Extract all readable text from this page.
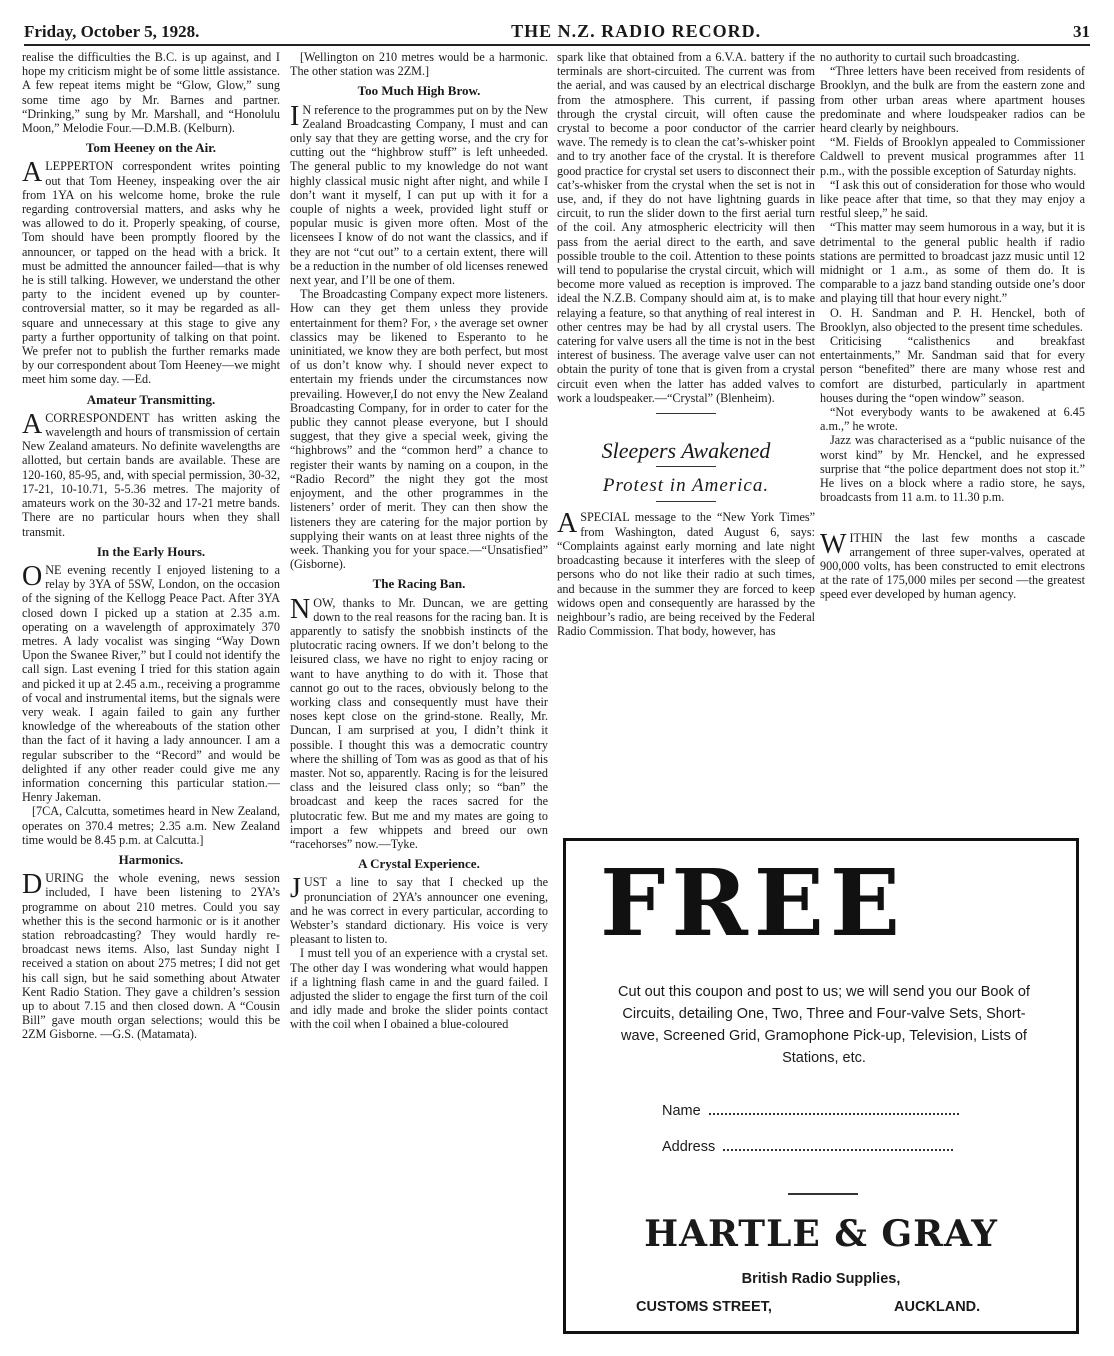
Friday, October 5, 1928.	THE N.Z. RADIO RECORD.	31

realise the difficulties the B.C. is up against, and I hope my criticism might be of some little assistance. A few repeat items might be “Glow, Glow,” sung some time ago by Mr. Barnes and partner. “Drinking,” sung by Mr. Marshall, and “Honolulu Moon,” Melodie Four.—D.M.B. (Kelburn).

Tom Heeney on the Air.

ALEPPERTON correspondent writes pointing out that Tom Heeney, inspeaking over the air from 1YA on his welcome home, broke the rule regarding controversial matters, and asks why he was allowed to do it. Properly speaking, of course, Tom should have been promptly floored by the announcer, or tapped on the head with a brick. It must be admitted the announcer failed—that is why he is still talking. However, we understand the other party to the incident evened up by counter-controversial matter, so it may be regarded as all-square and unnecessary at this stage to give any party a further opportunity of talking on that point. We prefer not to publish the further remarks made by our correspondent about Tom Heeney—we might meet him some day. —Ed.

Amateur Transmitting.

ACORRESPONDENT has written asking the wavelength and hours of transmission of certain New Zealand amateurs. No definite wavelengths are allotted, but certain bands are available. These are 120-160, 85-95, and, with special permission, 30-32, 17-21, 10-10.71, 5-5.36 metres. The majority of amateurs work on the 30-32 and 17-21 metre bands. There are no particular hours when they shall transmit.

In the Early Hours.

ONE evening recently I enjoyed listening to a relay by 3YA of 5SW, London, on the occasion of the signing of the Kellogg Peace Pact. After 3YA closed down I picked up a station at 2.35 a.m. operating on a wavelength of approximately 370 metres. A lady vocalist was singing “Way Down Upon the Swanee River,” but I could not identify the call sign. Last evening I tried for this station again and picked it up at 2.45 a.m., receiving a programme of vocal and instrumental items, but the signals were very weak. I again failed to gain any further knowledge of the whereabouts of the station other than the fact of it having a lady announcer. I am a regular subscriber to the “Record” and would be delighted if any other reader could give me any information concerning this particular station.—Henry Jakeman.

[7CA, Calcutta, sometimes heard in New Zealand, operates on 370.4 metres; 2.35 a.m. New Zealand time would be 8.45 p.m. at Calcutta.]

Harmonics.

DURING the whole evening, news session included, I have been listening to 2YA’s programme on about 210 metres. Could you say whether this is the second harmonic or is it another station rebroadcasting? They would hardly re-broadcast news items. Also, last Sunday night I received a station on about 275 metres; I did not get his call sign, but he said something about Atwater Kent Radio Station. They gave a children’s session up to about 7.15 and then closed down. A “Cousin Bill” gave mouth organ selections; would this be 2ZM Gisborne. —G.S. (Matamata).

[Wellington on 210 metres would be a harmonic. The other station was 2ZM.]

Too Much High Brow.

I N reference to the programmes put on by the New Zealand Broadcasting Company, I must and can only say that they are getting worse, and the cry for cutting out the “highbrow stuff” is left unheeded. The general public to my knowledge do not want highly classical music night after night, and while I don’t want it myself, I can put up with it for a couple of nights a week, provided light stuff or popular music is given more often. Most of the licensees I know of do not want the classics, and if they are not “cut out” to a certain extent, there will be a reduction in the number of old licenses renewed next year, and I’ll be one of them.

The Broadcasting Company expect more listeners. How can they get them unless they provide entertainment for them? For, › the average set owner classics may be likened to Esperanto to he uninitiated, we know they are both perfect, but most of us don’t know why. I should never expect to entertain my friends under the circumstances now prevailing. However,I do not envy the New Zealand Broadcasting Company, for in order to cater for the public they cannot please everyone, but I should suggest, that they give a special week, giving the “highbrows” and the “common herd” a chance to register their wants by naming on a coupon, in the “Radio Record” the night they got the most enjoyment, and the other programmes in the listeners’ order of merit. They can then show the listeners they are catering for the major portion by supplying their wants on at least three nights of the week. Thanking you for your space.—“Unsatisfied” (Gisborne).

The Racing Ban.

NOW, thanks to Mr. Duncan, we are getting down to the real reasons for the racing ban. It is apparently to satisfy the snobbish instincts of the plutocratic racing owners. If we don’t belong to the leisured class, we have no right to enjoy racing or want to have anything to do with it. Those that cannot go out to the races, obviously belong to the working class and consequently must have their noses kept close on the grind-stone. Really, Mr. Duncan, I am surprised at you, I didn’t think it possible. I thought this was a democratic country where the shilling of Tom was as good as that of his master. Not so, apparently. Racing is for the leisured class and the leisured class only; so “ban” the broadcast and keep the races sacred for the plutocratic few. But me and my mates are going to import a few whippets and breed our own “racehorses” now.—Tyke.

A Crystal Experience.

JUST a line to say that I checked up the pronunciation of 2YA’s announcer one evening, and he was correct in every particular, according to Webster’s standard dictionary. His voice is very pleasant to listen to.

I must tell you of an experience with a crystal set. The other day I was wondering what would happen if a lightning flash came in and the guard failed. I adjusted the slider to engage the first turn of the coil and idly made and broke the slider points contact with the coil when I obained a blue-coloured

spark like that obtained from a 6.V.A. battery if the terminals are short-circuited. The current was from the aerial, and was caused by an electrical discharge from the atmosphere. This current, if passing through the crystal circuit, will often cause the crystal to become a poor conductor of the carrier wave. The remedy is to clean the cat’s-whisker point and to try another face of the crystal. It is therefore good practice for crystal set users to disconnect their cat’s-whisker from the crystal when the set is not in use, and, if they do not have lightning guards in circuit, to run the slider down to the first aerial turn of the coil. Any atmospheric electricity will then pass from the aerial direct to the earth, and save possible trouble to the coil. Attention to these points will tend to popularise the crystal circuit, which will become more valued as reception is improved. The ideal the N.Z.B. Company should aim at, is to make relaying a feature, so that anything of real interest in other centres may be had by all crystal users. The catering for valve users all the time is not in the best interest of business. The average valve user can not obtain the purity of tone that is given from a crystal circuit even when the latter has added valves to work a loudspeaker.—“Crystal” (Blenheim).

Sleepers Awakened
Protest in America.

ASPECIAL message to the “New York Times” from Washington, dated August 6, says: “Complaints against early morning and late night broadcasting because it interferes with the sleep of persons who do not like their radio at such times, and because in the summer they are forced to keep widows open and consequently are harassed by the neighbour’s radio, are being received by the Federal Radio Commission. That body, however, has

no authority to curtail such broadcasting.

“Three letters have been received from residents of Brooklyn, and the bulk are from the eastern zone and from other urban areas where apartment houses predominate and where loudspeaker radios can be heard clearly by neighbours.

“M. Fields of Brooklyn appealed to Commissioner Caldwell to prevent musical programmes after 11 p.m., with the possible exception of Saturday nights.

“I ask this out of consideration for those who would like peace after that time, so that they may enjoy a restful sleep,” he said.

“This matter may seem humorous in a way, but it is detrimental to the general public health if radio stations are permitted to broadcast jazz music until 12 midnight or 1 a.m., as some of them do. It is comparable to a jazz band standing outside one’s door and playing till that hour every night.”

O. H. Sandman and P. H. Henckel, both of Brooklyn, also objected to the present time schedules.

Criticising “calisthenics and breakfast entertainments,” Mr. Sandman said that for every person “benefited” there are many whose rest and comfort are disturbed, particularly in apartment houses during the “open window” season.

“Not everybody wants to be awakened at 6.45 a.m.,” he wrote.

Jazz was characterised as a “public nuisance of the worst kind” by Mr. Henckel, and he expressed surprise that “the police department does not stop it.” He lives on a block where a radio store, he says, broadcasts from 11 a.m. to 11.30 p.m.

WITHIN the last few months a cascade arrangement of three super-valves, operated at 900,000 volts, has been constructed to emit electrons at the rate of 175,000 miles per second —the greatest speed ever developed by human agency.

FREE
Cut out this coupon and post to us; we will send you our Book of Circuits, detailing One, Two, Three and Four-valve Sets, Short-wave, Screened Grid, Gramophone Pick-up, Television, Lists of Stations, etc.
Name
Address
HARTLE & GRAY
British Radio Supplies,
CUSTOMS STREET,	AUCKLAND.
